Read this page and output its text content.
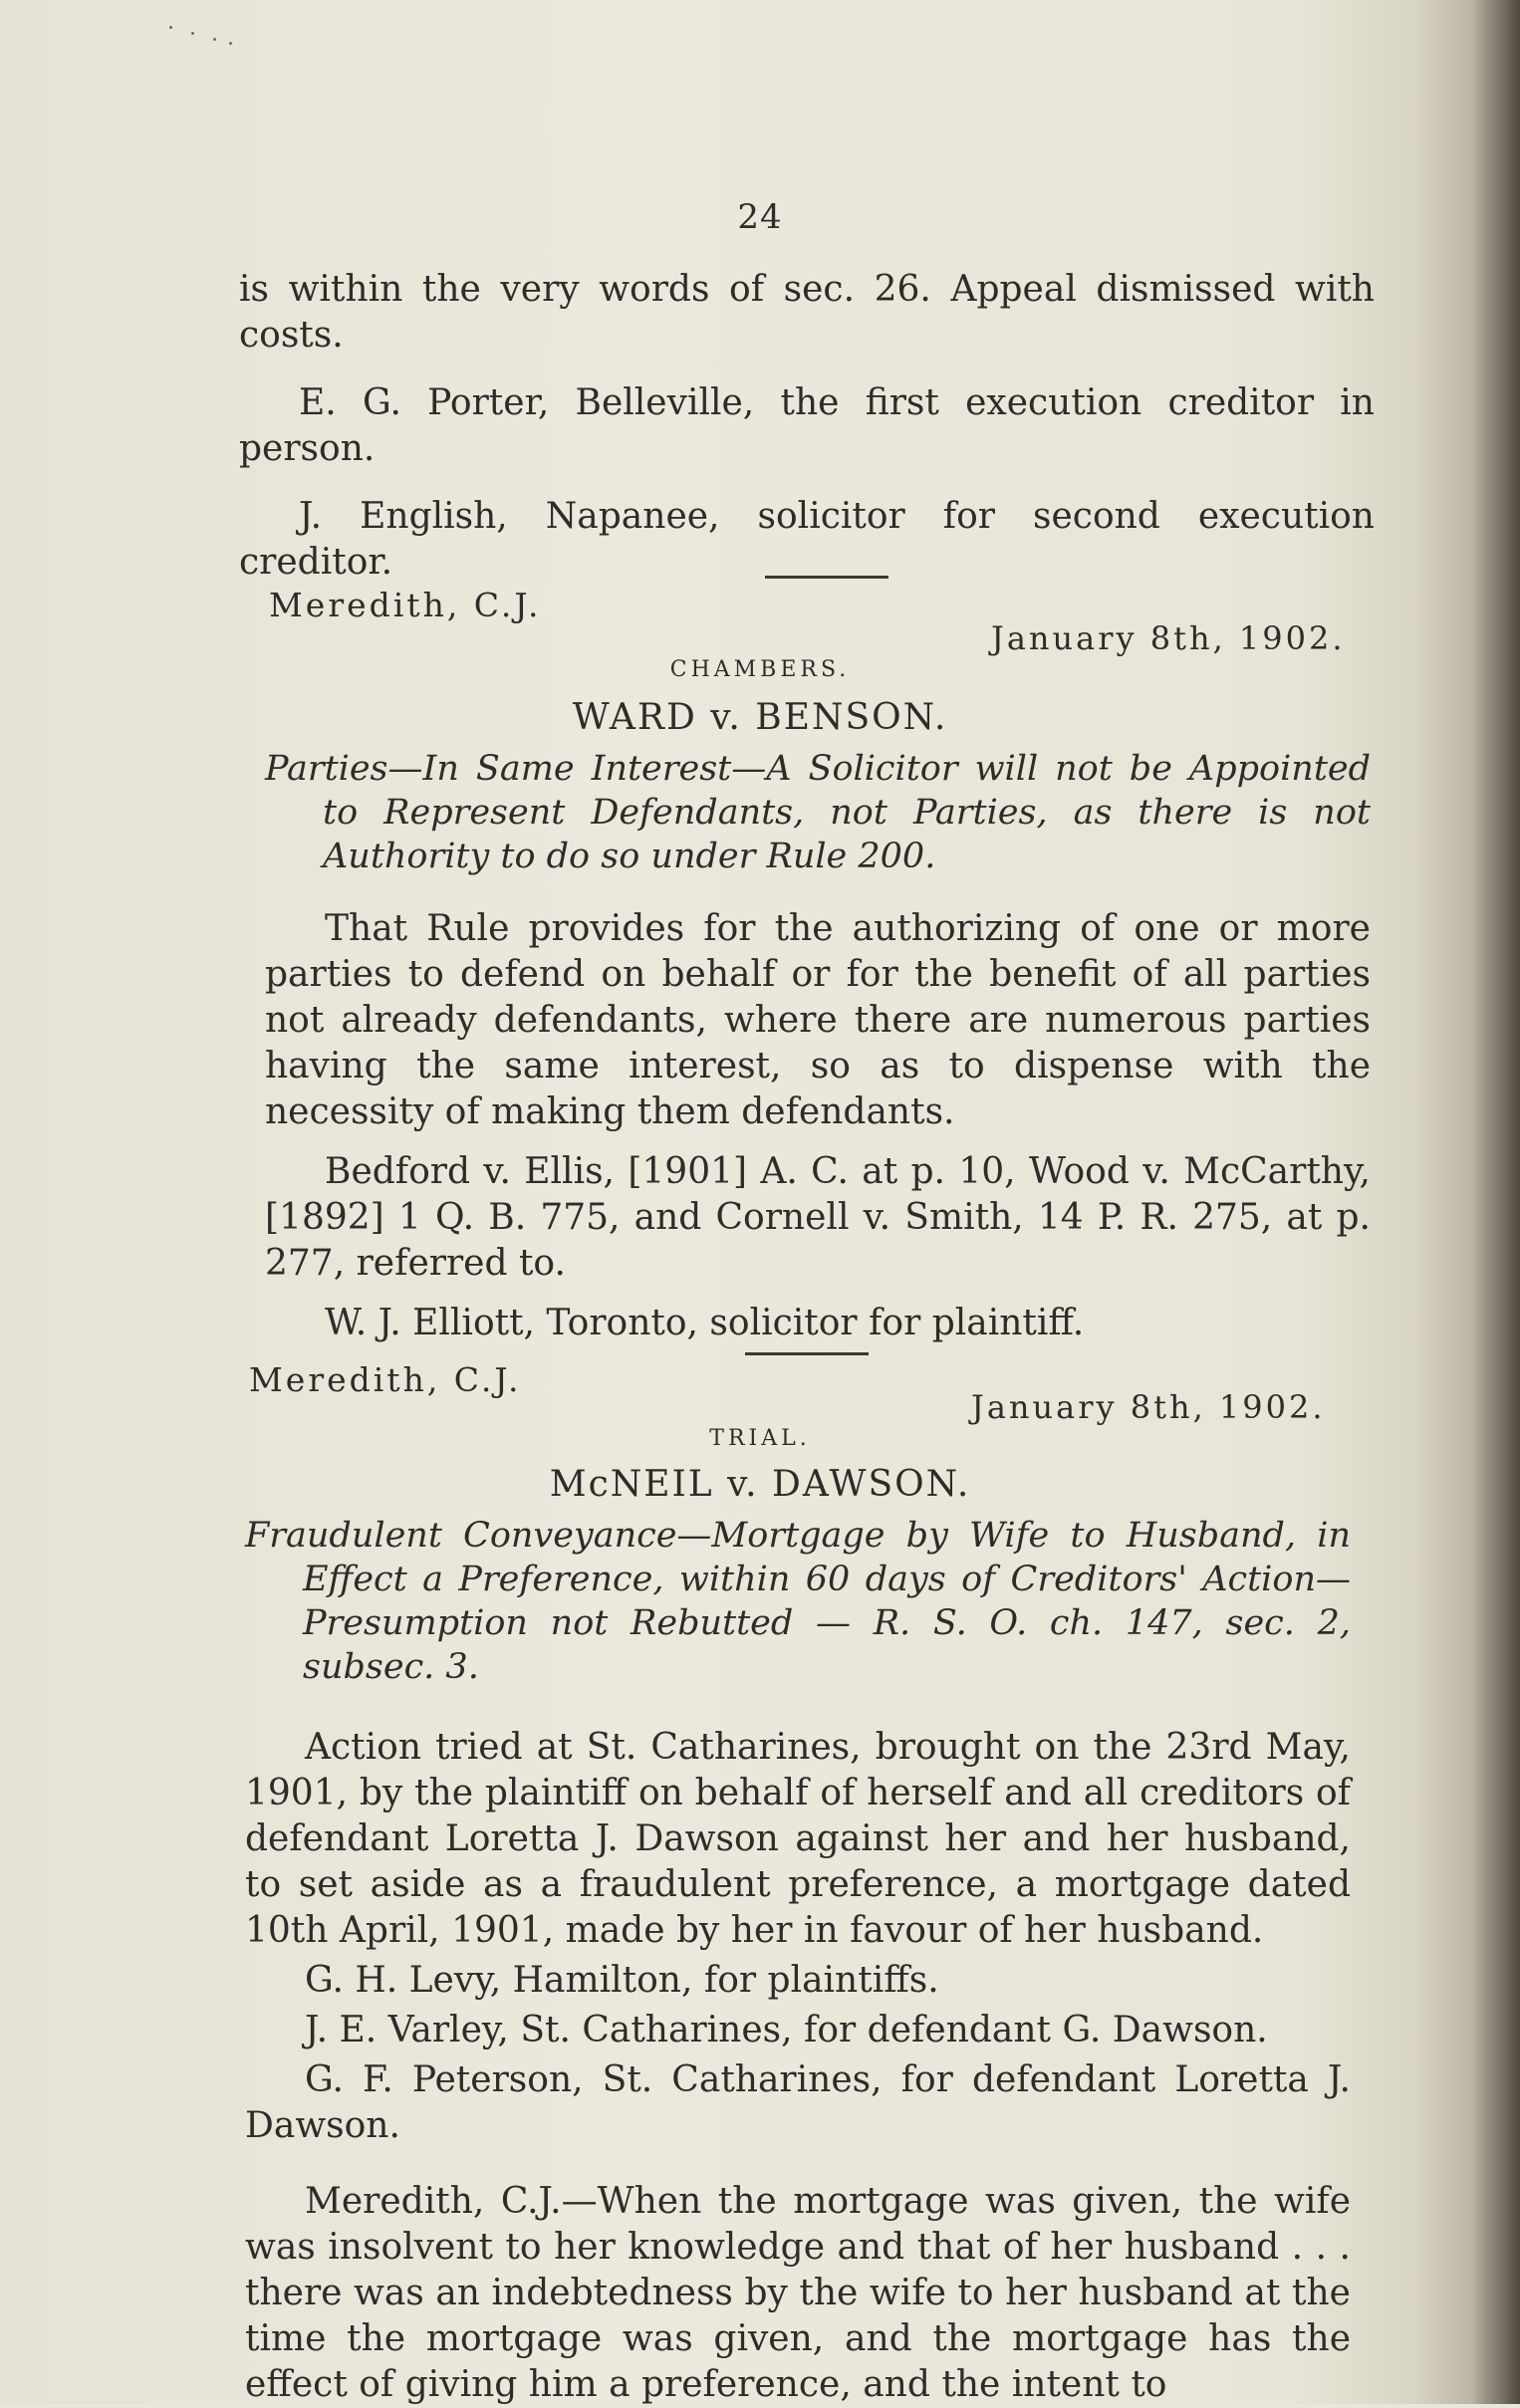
24

is within the very words of sec. 26. Appeal dismissed with costs.

E. G. Porter, Belleville, the first execution creditor in person.

J. English, Napanee, solicitor for second execution creditor.

Meredith, C.J.
January 8th, 1902.
CHAMBERS.
WARD v. BENSON.

Parties—In Same Interest—A Solicitor will not be Appointed to Represent Defendants, not Parties, as there is not Authority to do so under Rule 200.

That Rule provides for the authorizing of one or more parties to defend on behalf or for the benefit of all parties not already defendants, where there are numerous parties having the same interest, so as to dispense with the necessity of making them defendants.

Bedford v. Ellis, [1901] A. C. at p. 10, Wood v. McCarthy, [1892] 1 Q. B. 775, and Cornell v. Smith, 14 P. R. 275, at p. 277, referred to.

W. J. Elliott, Toronto, solicitor for plaintiff.

Meredith, C.J.
January 8th, 1902.
TRIAL.
McNEIL v. DAWSON.

Fraudulent Conveyance—Mortgage by Wife to Husband, in Effect a Preference, within 60 days of Creditors' Action—Presumption not Rebutted — R. S. O. ch. 147, sec. 2, subsec. 3.

Action tried at St. Catharines, brought on the 23rd May, 1901, by the plaintiff on behalf of herself and all creditors of defendant Loretta J. Dawson against her and her husband, to set aside as a fraudulent preference, a mortgage dated 10th April, 1901, made by her in favour of her husband.

G. H. Levy, Hamilton, for plaintiffs.

J. E. Varley, St. Catharines, for defendant G. Dawson.

G. F. Peterson, St. Catharines, for defendant Loretta J. Dawson.

Meredith, C.J.—When the mortgage was given, the wife was insolvent to her knowledge and that of her husband . . . there was an indebtedness by the wife to her husband at the time the mortgage was given, and the mortgage has the effect of giving him a preference, and the intent to
